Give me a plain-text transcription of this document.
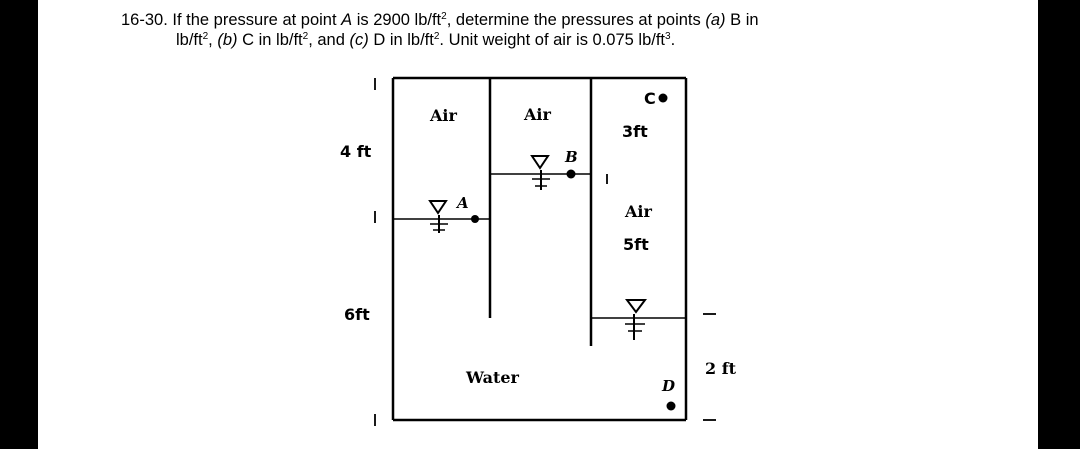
16-30. If the pressure at point A is 2900 $lb/ft^2$, determine the pressures at points (a) B in
$lb/ft^2$, (b) C in $lb/ft^2$, and (c) D in $lb/ft^2$. Unit weight of air is 0.075 $lb/ft^3$.
4 ft
6ft
3ft
5ft
2 ft
Air	Air
Air
Water
A
B
C
D
